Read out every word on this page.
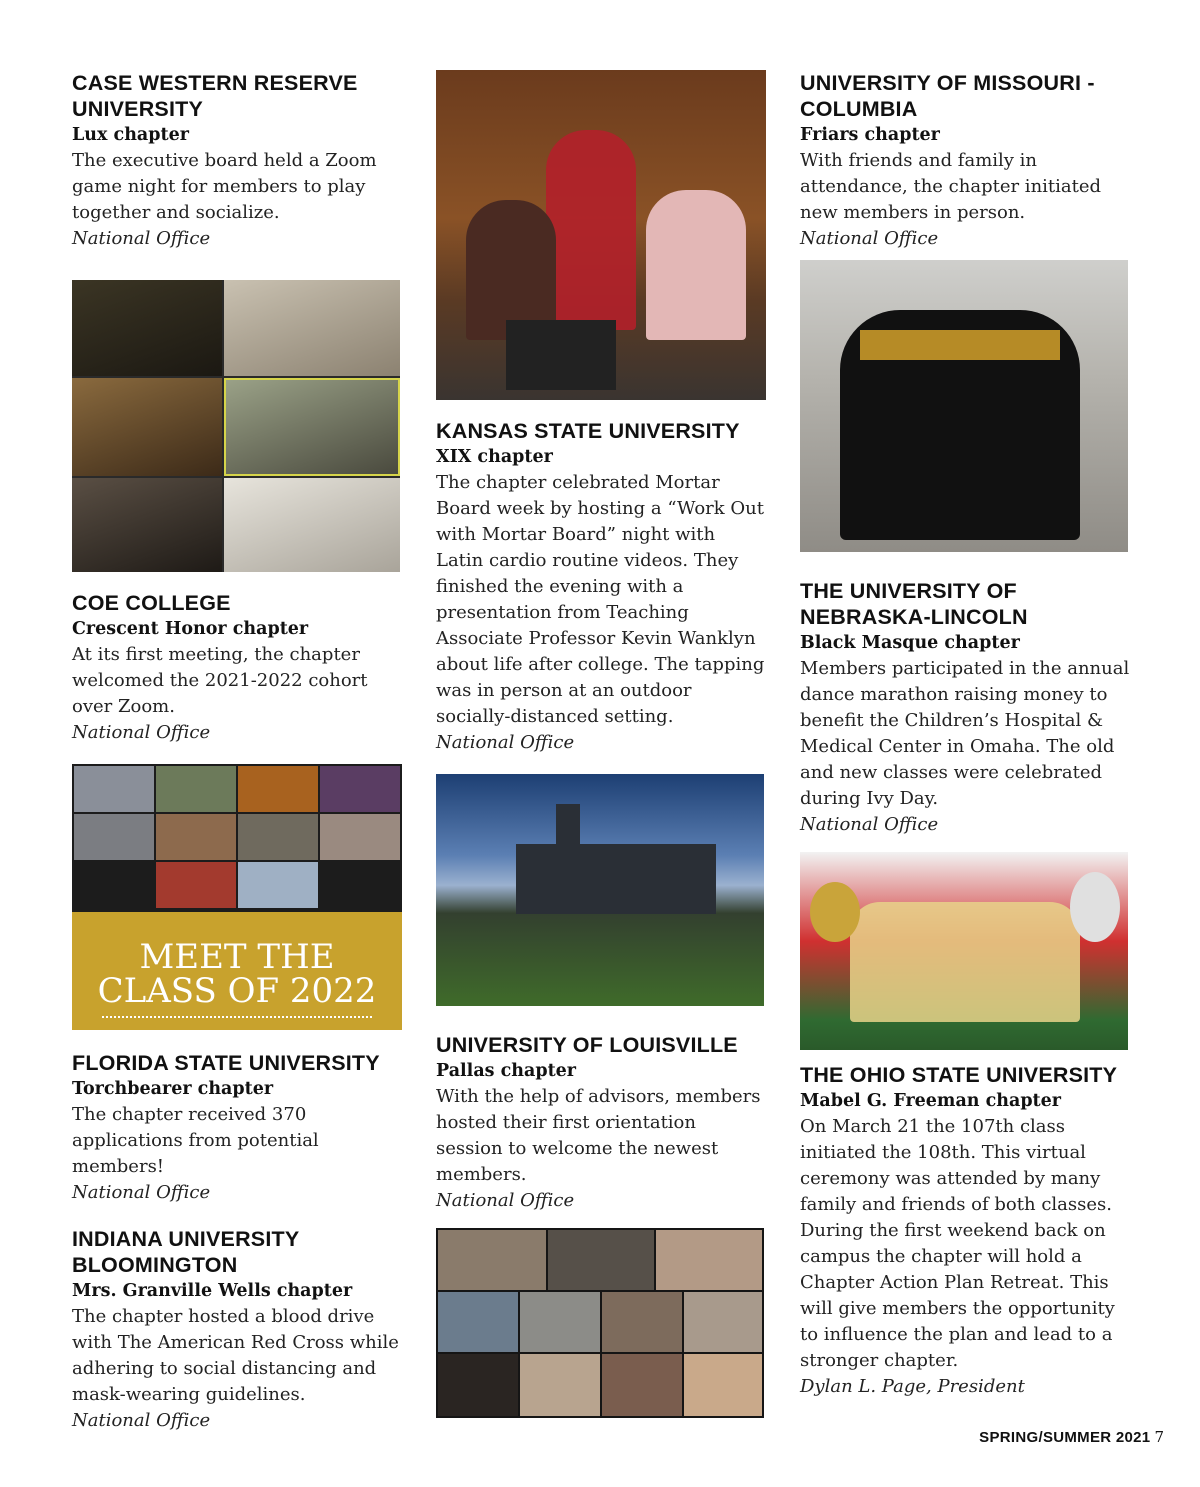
CASE WESTERN RESERVE UNIVERSITY

Lux chapter

The executive board held a Zoom game night for members to play together and socialize.

National Office

COE COLLEGE

Crescent Honor chapter

At its first meeting, the chapter welcomed the 2021-2022 cohort over Zoom.

National Office

MEET THE
CLASS OF 2022
FLORIDA STATE UNIVERSITY

Torchbearer chapter

The chapter received 370 applications from potential members!

National Office

INDIANA UNIVERSITY BLOOMINGTON

Mrs. Granville Wells chapter

The chapter hosted a blood drive with The American Red Cross while adhering to social distancing and mask-wearing guidelines.

National Office

KANSAS STATE UNIVERSITY

XIX chapter

The chapter celebrated Mortar Board week by hosting a “Work Out with Mortar Board” night with Latin cardio routine videos. They finished the evening with a presentation from Teaching Associate Professor Kevin Wanklyn about life after college. The tapping was in person at an outdoor socially-distanced setting.

National Office

UNIVERSITY OF LOUISVILLE

Pallas chapter

With the help of advisors, members hosted their first orientation session to welcome the newest members.

National Office

UNIVERSITY OF MISSOURI - COLUMBIA

Friars chapter

With friends and family in attendance, the chapter initiated new members in person.

National Office

THE UNIVERSITY OF NEBRASKA-LINCOLN

Black Masque chapter

Members participated in the annual dance marathon raising money to benefit the Children’s Hospital & Medical Center in Omaha. The old and new classes were celebrated during Ivy Day.

National Office

THE OHIO STATE UNIVERSITY

Mabel G. Freeman chapter

On March 21 the 107th class initiated the 108th. This virtual ceremony was attended by many family and friends of both classes. During the first weekend back on campus the chapter will hold a Chapter Action Plan Retreat. This will give members the opportunity to influence the plan and lead to a stronger chapter.

Dylan L. Page, President

SPRING/SUMMER 2021 7
